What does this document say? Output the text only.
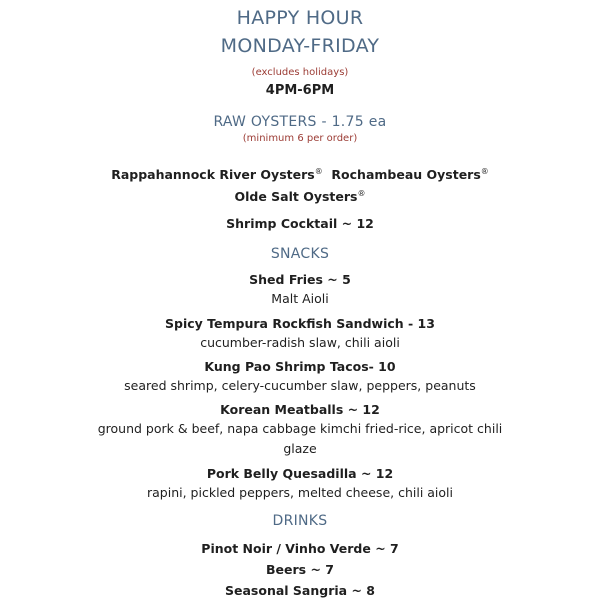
HAPPY HOUR
MONDAY-FRIDAY
(excludes holidays)
4PM-6PM
RAW OYSTERS - 1.75 ea
(minimum 6 per order)
Rappahannock River Oysters® Rochambeau Oysters®
Olde Salt Oysters®
Shrimp Cocktail ~ 12
SNACKS
Shed Fries ~ 5
Malt Aioli
Spicy Tempura Rockfish Sandwich - 13
cucumber-radish slaw, chili aioli
Kung Pao Shrimp Tacos- 10
seared shrimp, celery-cucumber slaw, peppers, peanuts
Korean Meatballs ~ 12
ground pork & beef, napa cabbage kimchi fried-rice, apricot chili glaze
Pork Belly Quesadilla ~ 12
rapini, pickled peppers, melted cheese, chili aioli
DRINKS
Pinot Noir / Vinho Verde ~ 7
Beers ~ 7
Seasonal Sangria ~ 8
